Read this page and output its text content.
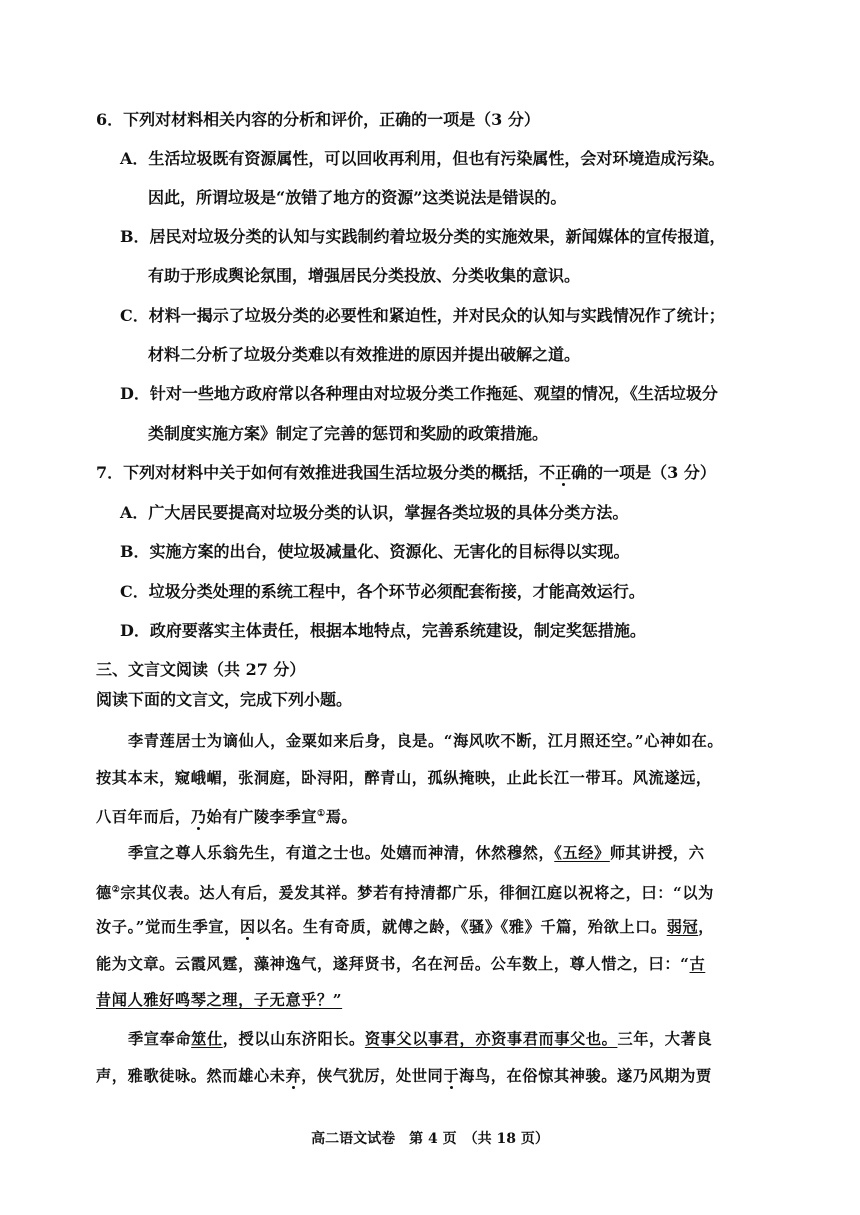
6．下列对材料相关内容的分析和评价，正确的一项是（3 分）
A．生活垃圾既有资源属性，可以回收再利用，但也有污染属性，会对环境造成污染。
因此，所谓垃圾是“放错了地方的资源”这类说法是错误的。
B．居民对垃圾分类的认知与实践制约着垃圾分类的实施效果，新闻媒体的宣传报道，
有助于形成舆论氛围，增强居民分类投放、分类收集的意识。
C．材料一揭示了垃圾分类的必要性和紧迫性，并对民众的认知与实践情况作了统计；
材料二分析了垃圾分类难以有效推进的原因并提出破解之道。
D．针对一些地方政府常以各种理由对垃圾分类工作拖延、观望的情况，《生活垃圾分
类制度实施方案》制定了完善的惩罚和奖励的政策措施。
7．下列对材料中关于如何有效推进我国生活垃圾分类的概括，不正确的一项是（3 分）
A．广大居民要提高对垃圾分类的认识，掌握各类垃圾的具体分类方法。
B．实施方案的出台，使垃圾减量化、资源化、无害化的目标得以实现。
C．垃圾分类处理的系统工程中，各个环节必须配套衔接，才能高效运行。
D．政府要落实主体责任，根据本地特点，完善系统建设，制定奖惩措施。
三、文言文阅读（共 27 分）
阅读下面的文言文，完成下列小题。
李青莲居士为谪仙人，金粟如来后身，良是。“海风吹不断，江月照还空。”心神如在。
按其本末，窥峨嵋，张洞庭，卧浔阳，醉青山，孤纵掩映，止此长江一带耳。风流遂远，
八百年而后，乃始有广陵李季宣①焉。
季宣之尊人乐翁先生，有道之士也。处嬉而神清，休然穆然，《五经》师其讲授，六
德②宗其仪表。达人有后，爰发其祥。梦若有持清都广乐，徘徊江庭以祝将之，曰：“以为
汝子。”觉而生季宣，因以名。生有奇质，就傅之龄，《骚》《雅》千篇，殆欲上口。弱冠，
能为文章。云霞风霆，藻神逸气，遂拜贤书，名在河岳。公车数上，尊人惜之，曰：“古
昔闻人雅好鸣琴之理，子无意乎？”
季宣奉命筮仕，授以山东济阳长。资事父以事君，亦资事君而事父也。三年，大著良
声，雅歌徒咏。然而雄心未弃，侠气犹厉，处世同于海鸟，在俗惊其神骏。遂乃风期为贾
高二语文试卷　第 4 页　（共 18 页）
